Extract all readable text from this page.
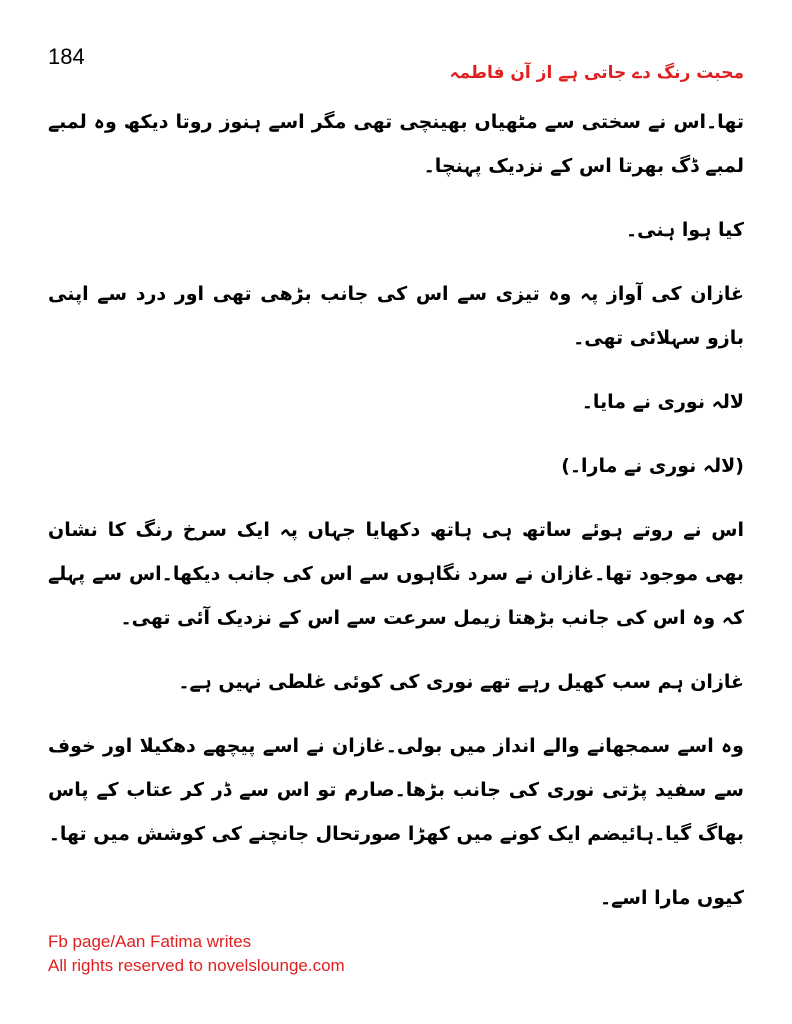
184
محبت رنگ دے جاتی ہے از آن فاطمہ

تھا۔اس نے سختی سے مٹھیاں بھینچی تھی مگر اسے ہنوز روتا دیکھ وہ لمبے لمبے ڈگ بھرتا اس کے نزدیک پہنچا۔

کیا ہوا ہنی۔

غازان کی آواز پہ وہ تیزی سے اس کی جانب بڑھی تھی اور درد سے اپنی بازو سہلائی تھی۔

لالہ نوری نے مایا۔

(لالہ نوری نے مارا۔)

اس نے روتے ہوئے ساتھ ہی ہاتھ دکھایا جہاں پہ ایک سرخ رنگ کا نشان بھی موجود تھا۔غازان نے سرد نگاہوں سے اس کی جانب دیکھا۔اس سے پہلے کہ وہ اس کی جانب بڑھتا زیمل سرعت سے اس کے نزدیک آئی تھی۔

غازان ہم سب کھیل رہے تھے نوری کی کوئی غلطی نہیں ہے۔

وہ اسے سمجھانے والے انداز میں بولی۔غازان نے اسے پیچھے دھکیلا اور خوف سے سفید پڑتی نوری کی جانب بڑھا۔صارم تو اس سے ڈر کر عتاب کے پاس بھاگ گیا۔ہائیضم ایک کونے میں کھڑا صورتحال جانچنے کی کوشش میں تھا۔

کیوں مارا اسے۔

Fb page/Aan Fatima writes
All rights reserved to novelslounge.com
